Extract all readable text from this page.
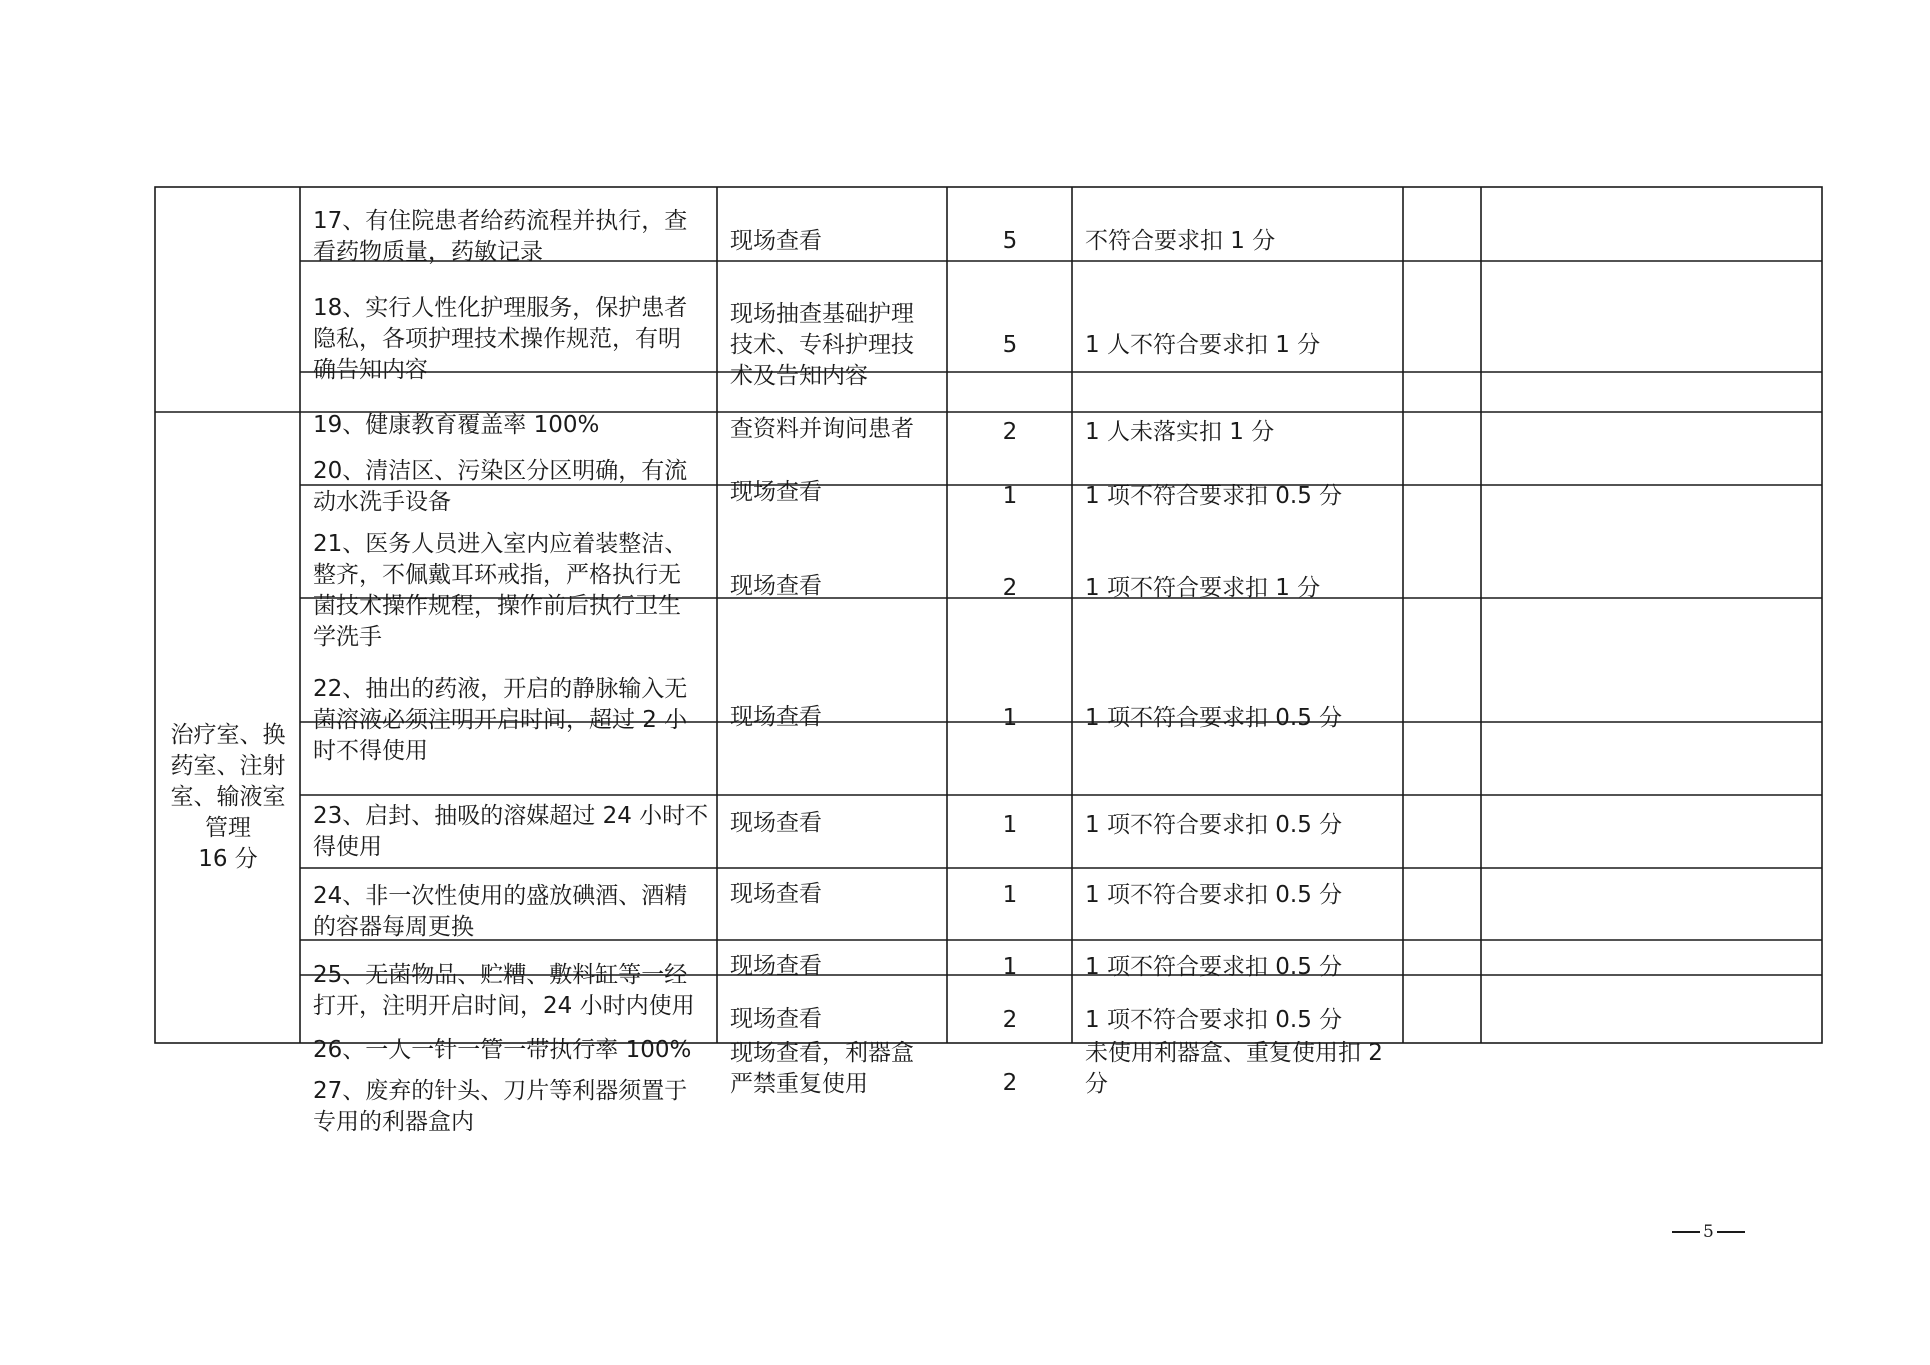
治疗室、换
药室、注射
室、输液室
管理
16 分

17、有住院患者给药流程并执行，查
看药物质量，药敏记录

18、实行人性化护理服务，保护患者
隐私，各项护理技术操作规范，有明
确告知内容

19、健康教育覆盖率 100%

20、清洁区、污染区分区明确，有流
动水洗手设备

21、医务人员进入室内应着装整洁、
整齐，不佩戴耳环戒指，严格执行无
菌技术操作规程，操作前后执行卫生
学洗手

22、抽出的药液，开启的静脉输入无
菌溶液必须注明开启时间，超过 2 小
时不得使用

23、启封、抽吸的溶媒超过 24 小时不
得使用

24、非一次性使用的盛放碘酒、酒精
的容器每周更换

25、无菌物品、贮糟、敷料缸等一经
打开，注明开启时间，24 小时内使用

26、一人一针一管一带执行率 100%

27、废弃的针头、刀片等利器须置于
专用的利器盒内

现场查看

现场抽查基础护理
技术、专科护理技
术及告知内容

查资料并询问患者

现场查看

现场查看

现场查看

现场查看

现场查看

现场查看

现场查看

现场查看，利器盒
严禁重复使用

5

5

2

1

2

1

1

1

1

2

2

不符合要求扣 1 分

1 人不符合要求扣 1 分

1 人未落实扣 1 分

1 项不符合要求扣 0.5 分

1 项不符合要求扣 1 分

1 项不符合要求扣 0.5 分

1 项不符合要求扣 0.5 分

1 项不符合要求扣 0.5 分

1 项不符合要求扣 0.5 分

1 项不符合要求扣 0.5 分

未使用利器盒、重复使用扣 2
分

5
